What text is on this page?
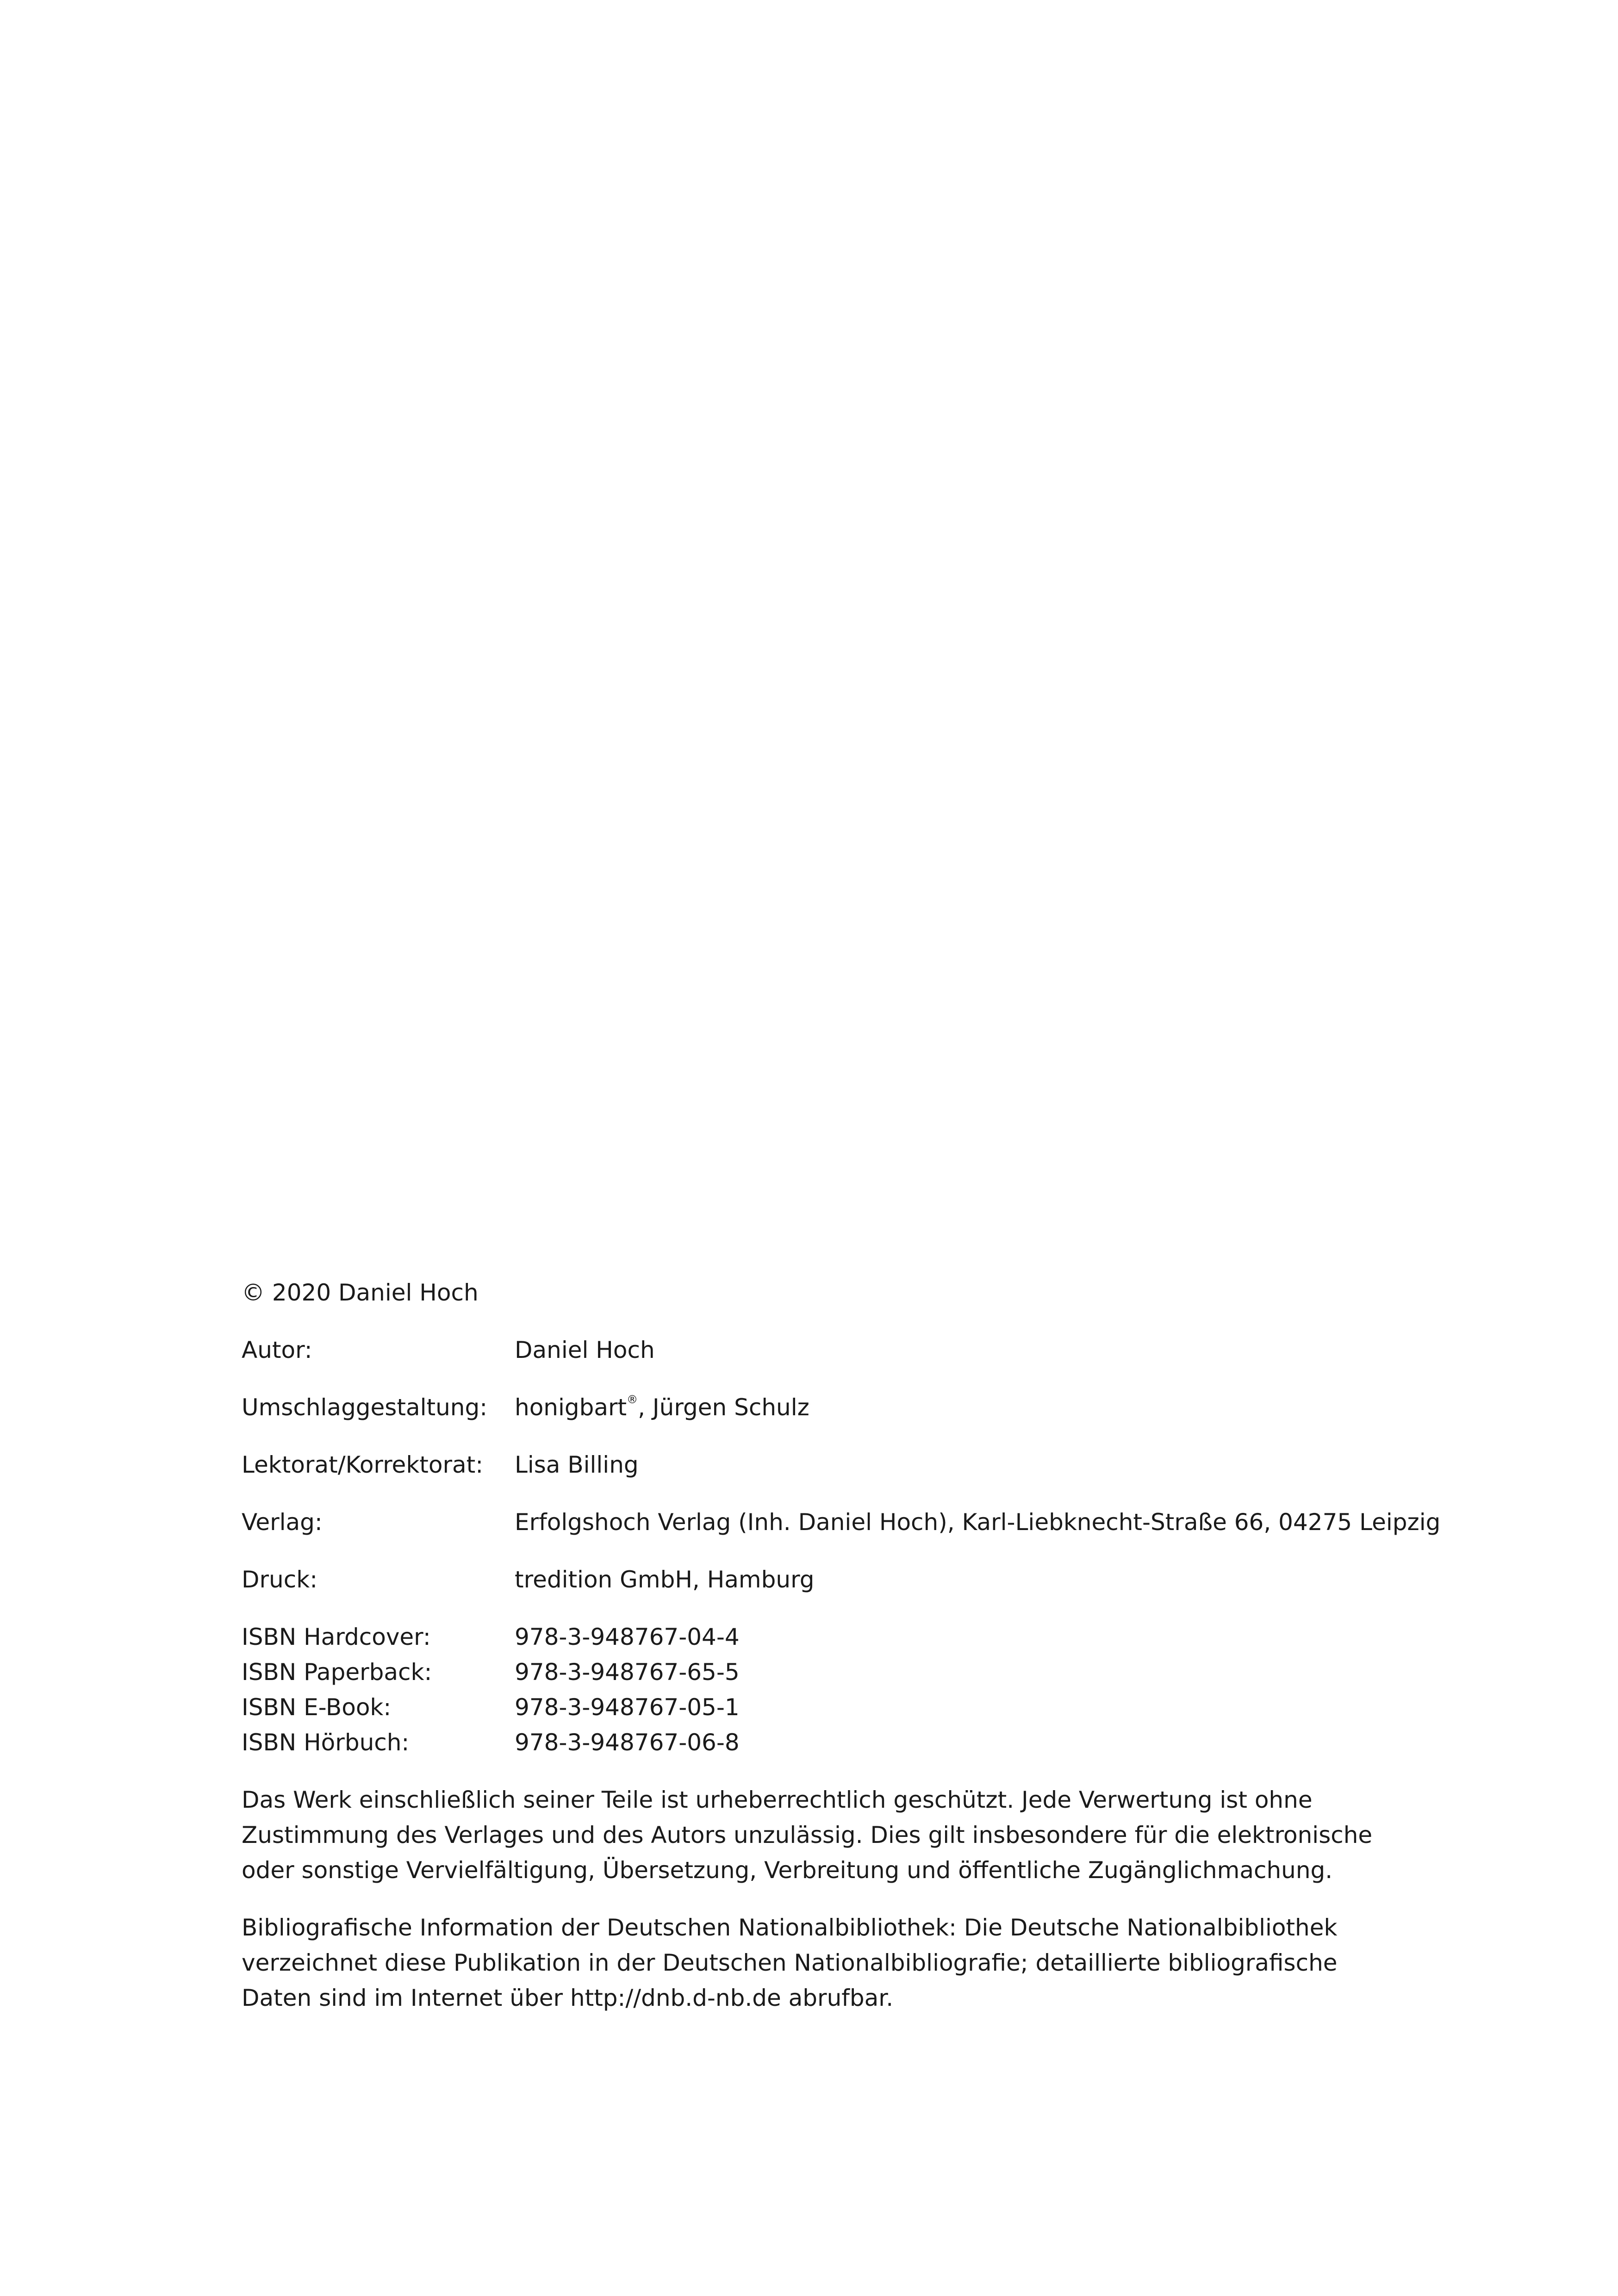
© 2020 Daniel Hoch
Autor:	Daniel Hoch
Umschlaggestaltung:	honigbart®, Jürgen Schulz
Lektorat/Korrektorat:	Lisa Billing
Verlag:	Erfolgshoch Verlag (Inh. Daniel Hoch), Karl-Liebknecht-Straße 66, 04275 Leipzig
Druck:	tredition GmbH, Hamburg
ISBN Hardcover:	978-3-948767-04-4
ISBN Paperback:	978-3-948767-65-5
ISBN E-Book:	978-3-948767-05-1
ISBN Hörbuch:	978-3-948767-06-8
Das Werk einschließlich seiner Teile ist urheberrechtlich geschützt. Jede Verwertung ist ohne
Zustimmung des Verlages und des Autors unzulässig. Dies gilt insbesondere für die elektronische
oder sonstige Vervielfältigung, Übersetzung, Verbreitung und öffentliche Zugänglichmachung.
Bibliografische Information der Deutschen Nationalbibliothek: Die Deutsche Nationalbibliothek
verzeichnet diese Publikation in der Deutschen Nationalbibliografie; detaillierte bibliografische
Daten sind im Internet über http://dnb.d-nb.de abrufbar.
